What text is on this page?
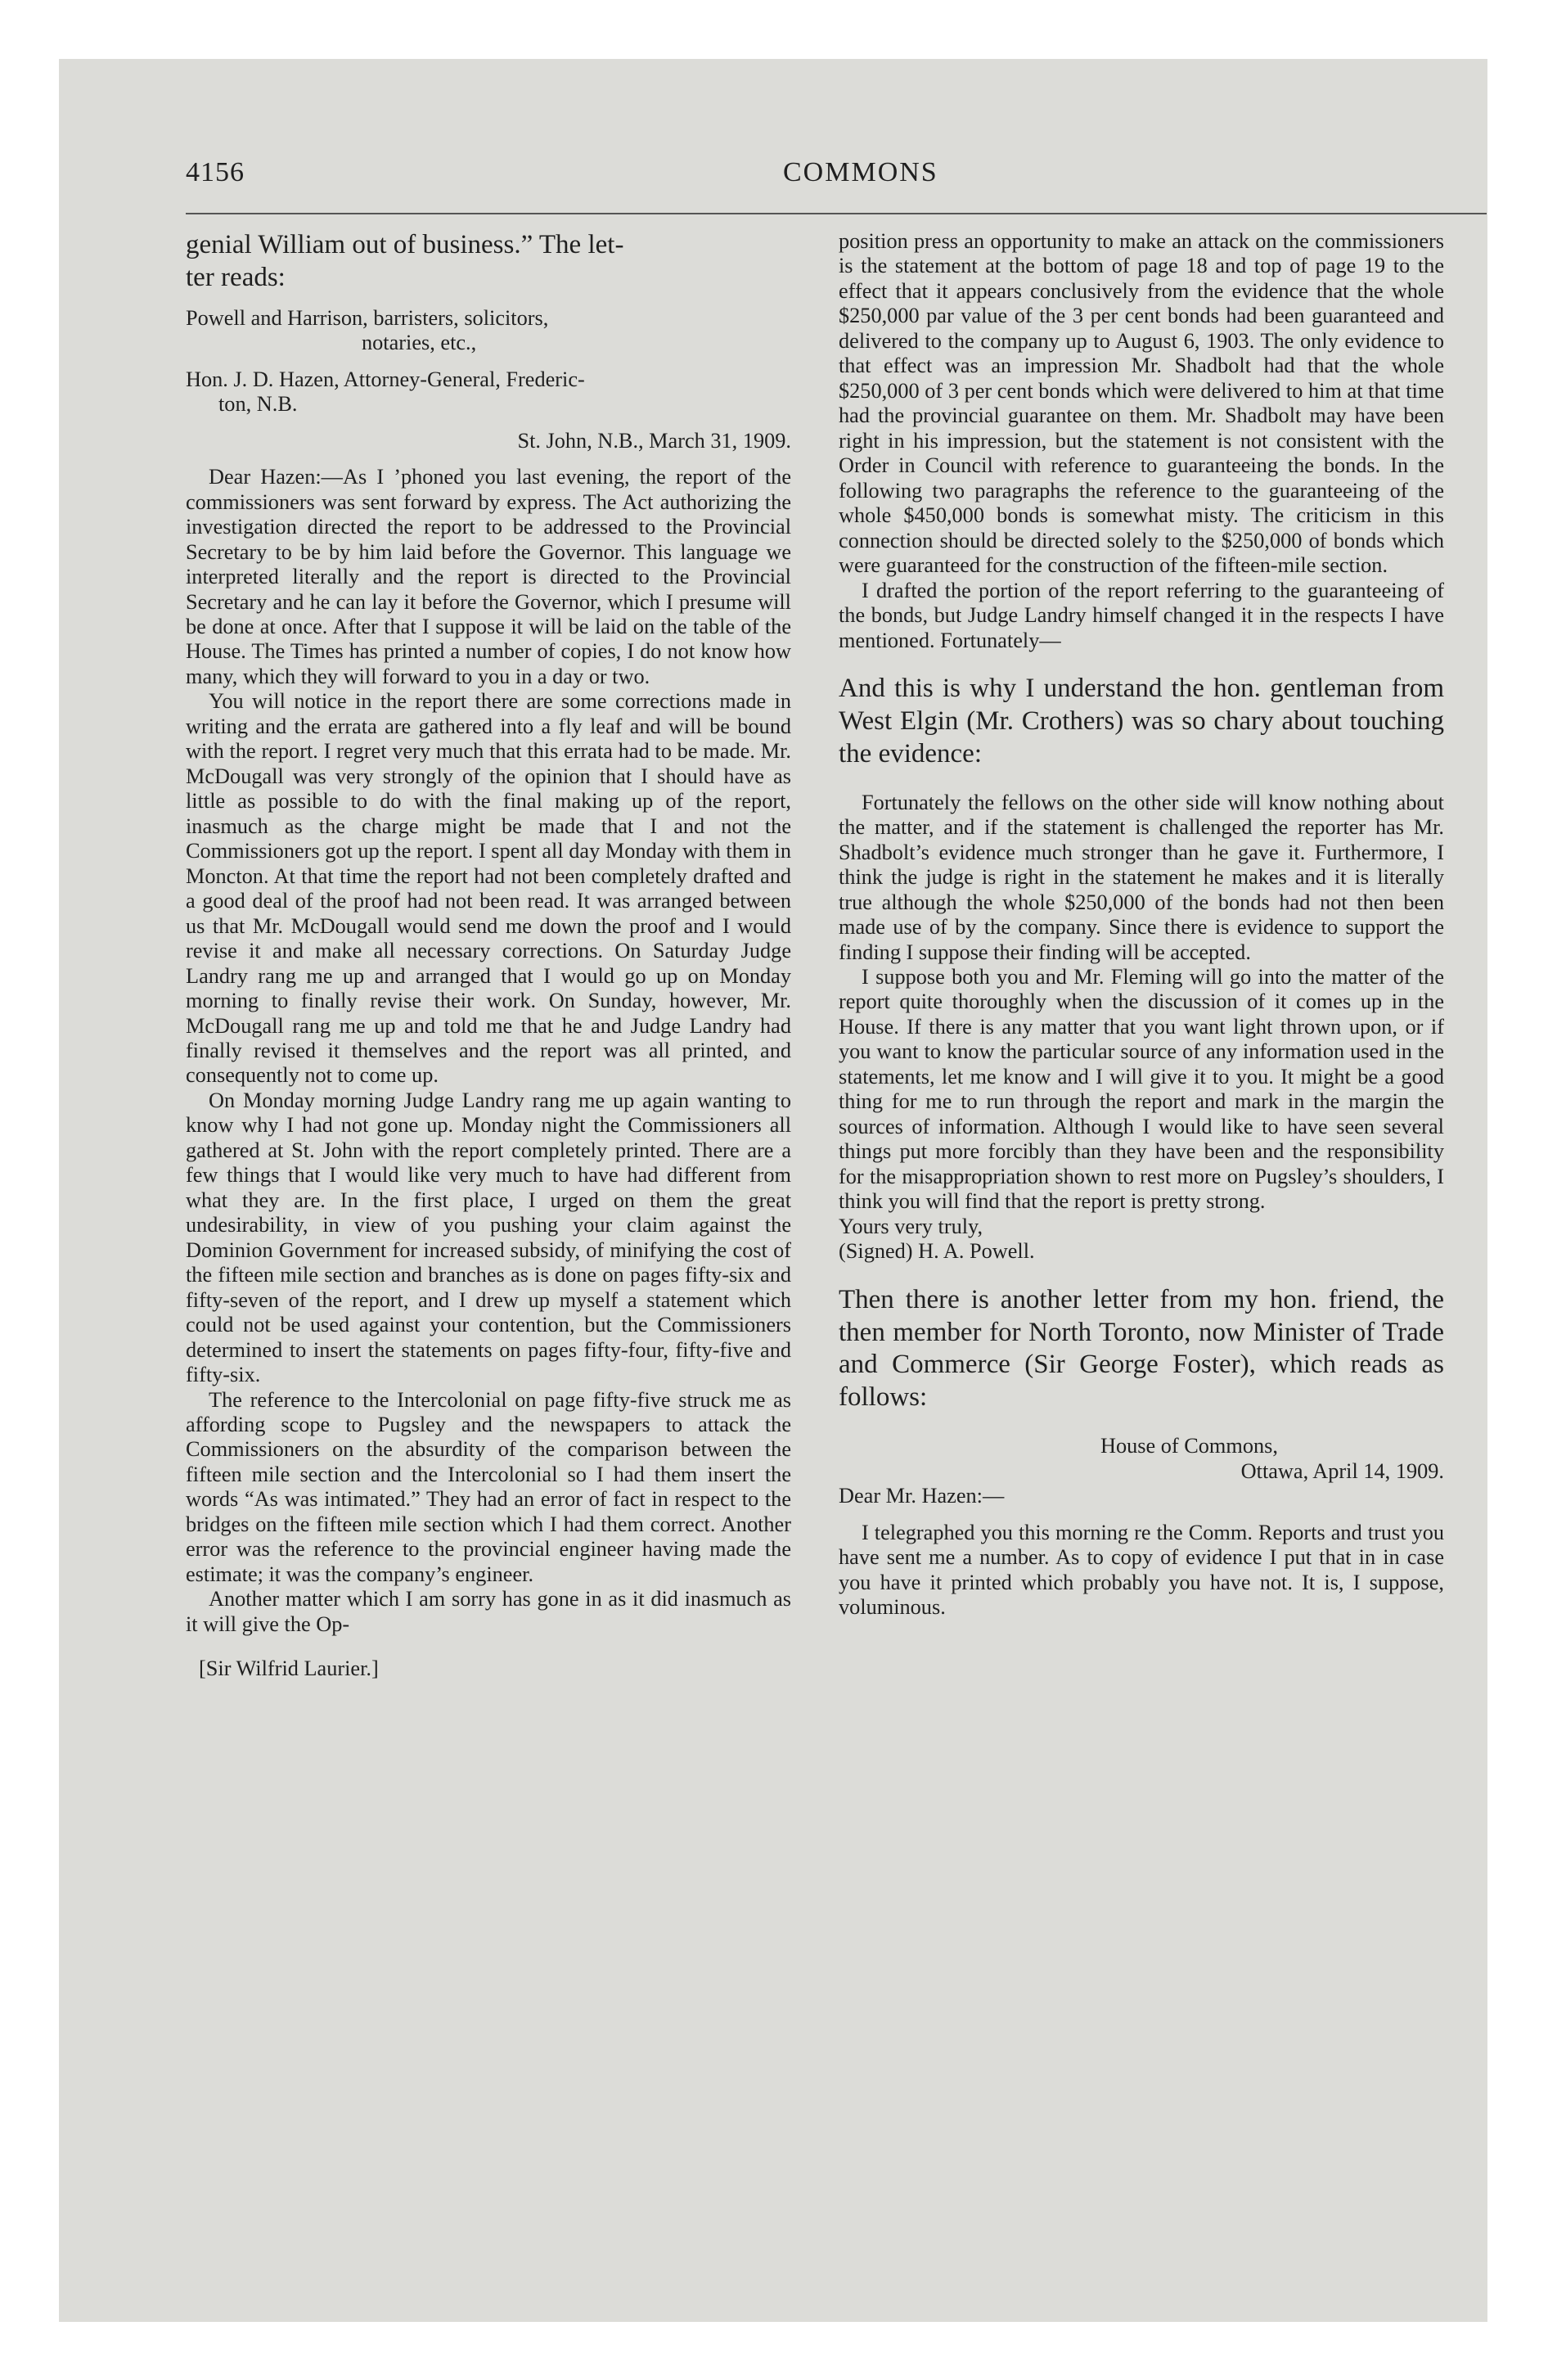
4156	COMMONS

genial William out of business.” The let-

ter reads:

Powell and Harrison, barristers, solicitors,

notaries, etc.,

Hon. J. D. Hazen, Attorney-General, Frederic-

ton, N.B.

St. John, N.B., March 31, 1909.

Dear Hazen:—As I ’phoned you last evening, the report of the commissioners was sent forward by express. The Act authorizing the investigation directed the report to be addressed to the Provincial Secretary to be by him laid before the Governor. This language we interpreted literally and the report is directed to the Provincial Secretary and he can lay it before the Governor, which I presume will be done at once. After that I suppose it will be laid on the table of the House. The Times has printed a number of copies, I do not know how many, which they will forward to you in a day or two.

You will notice in the report there are some corrections made in writing and the errata are gathered into a fly leaf and will be bound with the report. I regret very much that this errata had to be made. Mr. McDougall was very strongly of the opinion that I should have as little as possible to do with the final making up of the report, inasmuch as the charge might be made that I and not the Commissioners got up the report. I spent all day Monday with them in Moncton. At that time the report had not been completely drafted and a good deal of the proof had not been read. It was arranged between us that Mr. McDougall would send me down the proof and I would revise it and make all necessary corrections. On Saturday Judge Landry rang me up and arranged that I would go up on Monday morning to finally revise their work. On Sunday, however, Mr. McDougall rang me up and told me that he and Judge Landry had finally revised it themselves and the report was all printed, and consequently not to come up.

On Monday morning Judge Landry rang me up again wanting to know why I had not gone up. Monday night the Commissioners all gathered at St. John with the report completely printed. There are a few things that I would like very much to have had different from what they are. In the first place, I urged on them the great undesirability, in view of you pushing your claim against the Dominion Government for increased subsidy, of minifying the cost of the fifteen mile section and branches as is done on pages fifty-six and fifty-seven of the report, and I drew up myself a statement which could not be used against your contention, but the Commissioners determined to insert the statements on pages fifty-four, fifty-five and fifty-six.

The reference to the Intercolonial on page fifty-five struck me as affording scope to Pugsley and the newspapers to attack the Commissioners on the absurdity of the comparison between the fifteen mile section and the Intercolonial so I had them insert the words “As was intimated.” They had an error of fact in respect to the bridges on the fifteen mile section which I had them correct. Another error was the reference to the provincial engineer having made the estimate; it was the company’s engineer.

Another matter which I am sorry has gone in as it did inasmuch as it will give the Op-

[Sir Wilfrid Laurier.]

position press an opportunity to make an attack on the commissioners is the statement at the bottom of page 18 and top of page 19 to the effect that it appears conclusively from the evidence that the whole $250,000 par value of the 3 per cent bonds had been guaranteed and delivered to the company up to August 6, 1903. The only evidence to that effect was an impression Mr. Shadbolt had that the whole $250,000 of 3 per cent bonds which were delivered to him at that time had the provincial guarantee on them. Mr. Shadbolt may have been right in his impression, but the statement is not consistent with the Order in Council with reference to guaranteeing the bonds. In the following two paragraphs the reference to the guaranteeing of the whole $450,000 bonds is somewhat misty. The criticism in this connection should be directed solely to the $250,000 of bonds which were guaranteed for the construction of the fifteen-mile section.

I drafted the portion of the report referring to the guaranteeing of the bonds, but Judge Landry himself changed it in the respects I have mentioned. Fortunately—

And this is why I understand the hon. gentleman from West Elgin (Mr. Crothers) was so chary about touching the evidence:

Fortunately the fellows on the other side will know nothing about the matter, and if the statement is challenged the reporter has Mr. Shadbolt’s evidence much stronger than he gave it. Furthermore, I think the judge is right in the statement he makes and it is literally true although the whole $250,000 of the bonds had not then been made use of by the company. Since there is evidence to support the finding I suppose their finding will be accepted.

I suppose both you and Mr. Fleming will go into the matter of the report quite thoroughly when the discussion of it comes up in the House. If there is any matter that you want light thrown upon, or if you want to know the particular source of any information used in the statements, let me know and I will give it to you. It might be a good thing for me to run through the report and mark in the margin the sources of information. Although I would like to have seen several things put more forcibly than they have been and the responsibility for the misappropriation shown to rest more on Pugsley’s shoulders, I think you will find that the report is pretty strong.

Yours very truly,

(Signed) H. A. Powell.

Then there is another letter from my hon. friend, the then member for North Toronto, now Minister of Trade and Commerce (Sir George Foster), which reads as follows:

House of Commons,

Ottawa, April 14, 1909.

Dear Mr. Hazen:—

I telegraphed you this morning re the Comm. Reports and trust you have sent me a number. As to copy of evidence I put that in in case you have it printed which probably you have not. It is, I suppose, voluminous.
